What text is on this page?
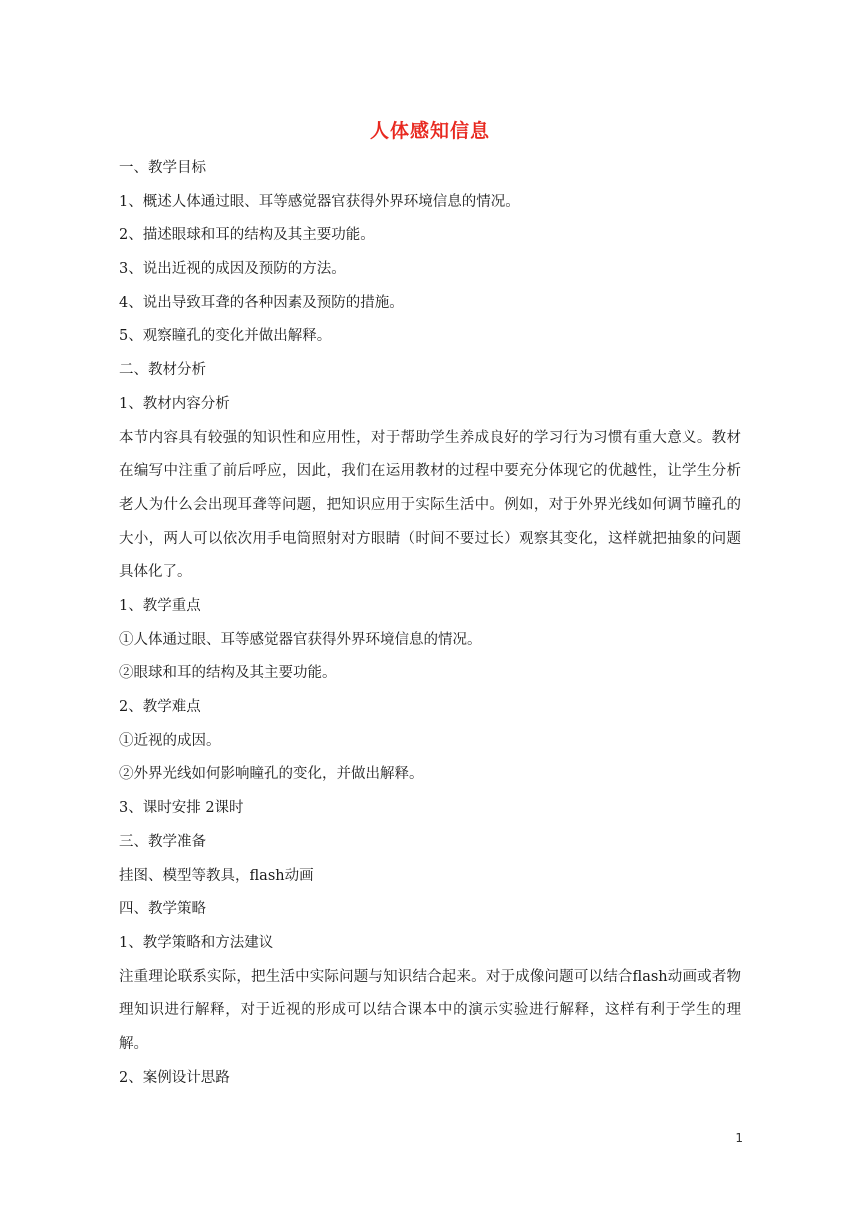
人体感知信息
一、教学目标
1、概述人体通过眼、耳等感觉器官获得外界环境信息的情况。
2、描述眼球和耳的结构及其主要功能。
3、说出近视的成因及预防的方法。
4、说出导致耳聋的各种因素及预防的措施。
5、观察瞳孔的变化并做出解释。
二、教材分析
1、教材内容分析
本节内容具有较强的知识性和应用性，对于帮助学生养成良好的学习行为习惯有重大意义。教材在编写中注重了前后呼应，因此，我们在运用教材的过程中要充分体现它的优越性，让学生分析老人为什么会出现耳聋等问题，把知识应用于实际生活中。例如，对于外界光线如何调节瞳孔的大小，两人可以依次用手电筒照射对方眼睛（时间不要过长）观察其变化，这样就把抽象的问题具体化了。
1、教学重点
①人体通过眼、耳等感觉器官获得外界环境信息的情况。
②眼球和耳的结构及其主要功能。
2、教学难点
①近视的成因。
②外界光线如何影响瞳孔的变化，并做出解释。
3、课时安排 2课时
三、教学准备
挂图、模型等教具，flash动画
四、教学策略
1、教学策略和方法建议
注重理论联系实际，把生活中实际问题与知识结合起来。对于成像问题可以结合flash动画或者物理知识进行解释，对于近视的形成可以结合课本中的演示实验进行解释，这样有利于学生的理解。
2、案例设计思路
1
